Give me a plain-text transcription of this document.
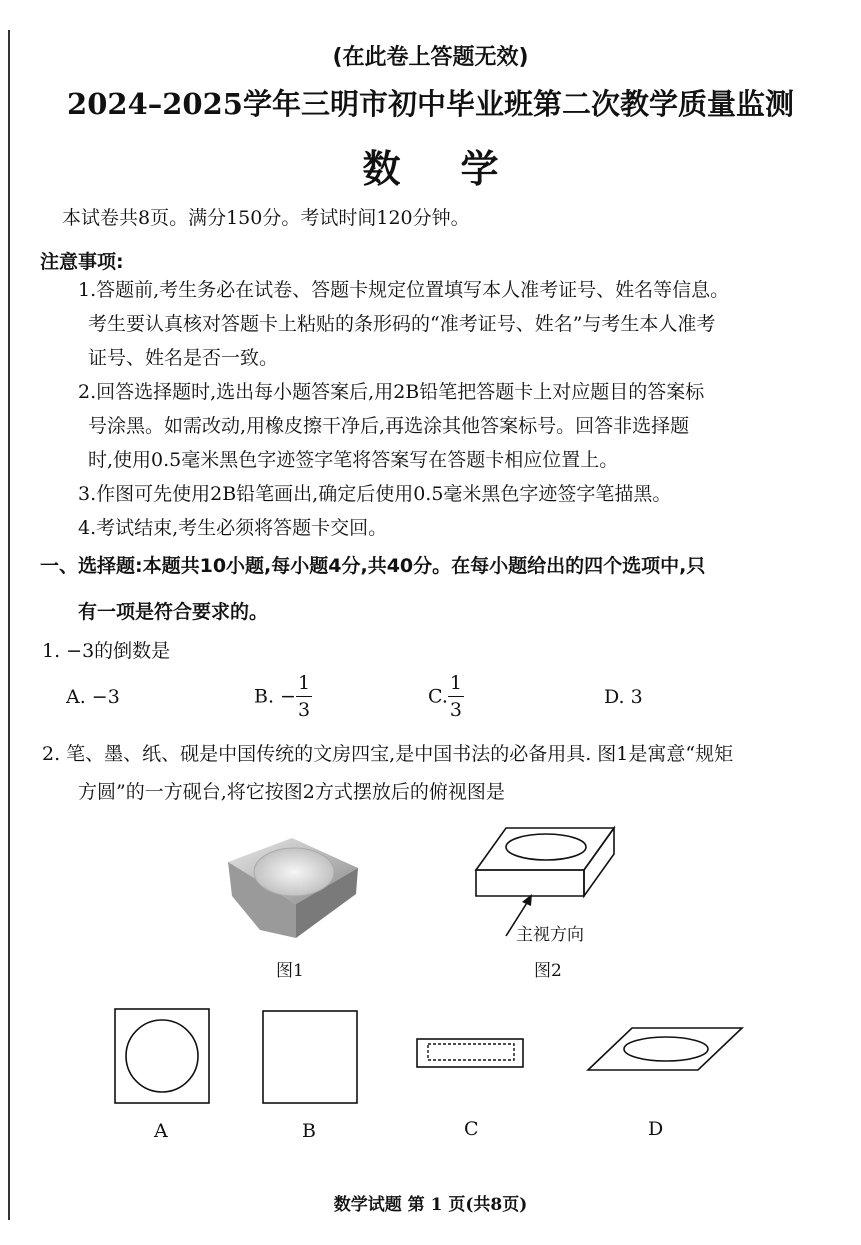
(在此卷上答题无效)
2024–2025学年三明市初中毕业班第二次教学质量监测
数学
本试卷共8页。满分150分。考试时间120分钟。
注意事项:
1.答题前,考生务必在试卷、答题卡规定位置填写本人准考证号、姓名等信息。
考生要认真核对答题卡上粘贴的条形码的“准考证号、姓名”与考生本人准考
证号、姓名是否一致。
2.回答选择题时,选出每小题答案后,用2B铅笔把答题卡上对应题目的答案标
号涂黑。如需改动,用橡皮擦干净后,再选涂其他答案标号。回答非选择题
时,使用0.5毫米黑色字迹签字笔将答案写在答题卡相应位置上。
3.作图可先使用2B铅笔画出,确定后使用0.5毫米黑色字迹签字笔描黑。
4.考试结束,考生必须将答题卡交回。
一、选择题:本题共10小题,每小题4分,共40分。在每小题给出的四个选项中,只
有一项是符合要求的。
1. −3的倒数是
A. −3	B. − $\frac{1}{3}$	C. $\frac{1}{3}$	D. 3
2. 笔、墨、纸、砚是中国传统的文房四宝,是中国书法的必备用具. 图1是寓意“规矩
方圆”的一方砚台,将它按图2方式摆放后的俯视图是
图1
主视方向
图2
A	B	C	D
数学试题 第 1 页(共8页)
